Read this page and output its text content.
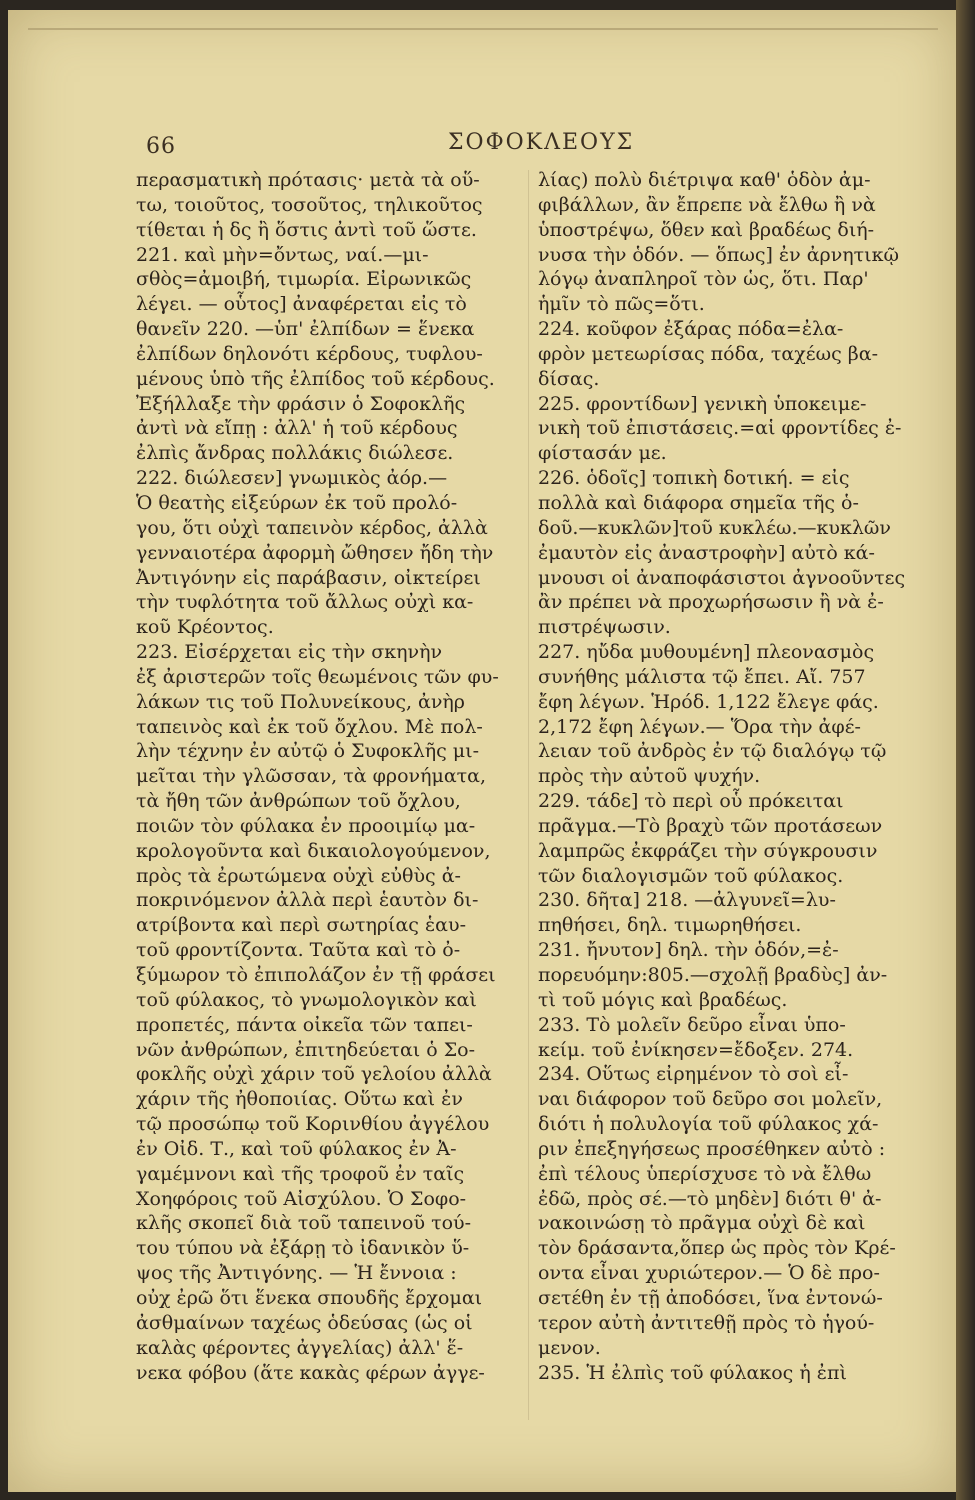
66	ΣΟΦΟΚΛΕΟΥΣ
περασματικὴ πρότασις· μετὰ τὰ οὕ-
τω, τοιοῦτος, τοσοῦτος, τηλικοῦτος
τίθεται ἡ δς ἢ ὅστις ἀντὶ τοῦ ὥστε.
221. καὶ μὴν=ὄντως, ναί.—μι-
σθὸς=ἀμοιβή, τιμωρία. Εἰρωνικῶς
λέγει. — οὗτος] ἀναφέρεται εἰς τὸ
θανεῖν 220. —ὑπ' ἐλπίδων = ἕνεκα
ἐλπίδων δηλονότι κέρδους, τυφλου-
μένους ὑπὸ τῆς ἐλπίδος τοῦ κέρδους.
Ἐξήλλαξε τὴν φράσιν ὁ Σοφοκλῆς
ἀντὶ νὰ εἴπῃ : ἀλλ' ἡ τοῦ κέρδους
ἐλπὶς ἄνδρας πολλάκις διώλεσε.
222. διώλεσεν] γνωμικὸς ἀόρ.—
Ὁ θεατὴς εἰξεύρων ἐκ τοῦ προλό-
γου, ὅτι οὐχὶ ταπεινὸν κέρδος, ἀλλὰ
γενναιοτέρα ἀφορμὴ ὤθησεν ἤδη τὴν
Ἀντιγόνην εἰς παράβασιν, οἰκτείρει
τὴν τυφλότητα τοῦ ἄλλως οὐχὶ κα-
κοῦ Κρέοντος.
223. Εἰσέρχεται εἰς τὴν σκηνὴν
ἐξ ἀριστερῶν τοῖς θεωμένοις τῶν φυ-
λάκων τις τοῦ Πολυνείκους, ἀνὴρ
ταπεινὸς καὶ ἐκ τοῦ ὄχλου. Μὲ πολ-
λὴν τέχνην ἐν αὐτῷ ὁ Συφοκλῆς μι-
μεῖται τὴν γλῶσσαν, τὰ φρονήματα,
τὰ ἤθη τῶν ἀνθρώπων τοῦ ὄχλου,
ποιῶν τὸν φύλακα ἐν προοιμίῳ μα-
κρολογοῦντα καὶ δικαιολογούμενον,
πρὸς τὰ ἐρωτώμενα οὐχὶ εὐθὺς ἀ-
ποκρινόμενον ἀλλὰ περὶ ἑαυτὸν δι-
ατρίβοντα καὶ περὶ σωτηρίας ἑαυ-
τοῦ φροντίζοντα. Ταῦτα καὶ τὸ ὀ-
ξύμωρον τὸ ἐπιπολάζον ἐν τῇ φράσει
τοῦ φύλακος, τὸ γνωμολογικὸν καὶ
προπετές, πάντα οἰκεῖα τῶν ταπει-
νῶν ἀνθρώπων, ἐπιτηδεύεται ὁ Σο-
φοκλῆς οὐχὶ χάριν τοῦ γελοίου ἀλλὰ
χάριν τῆς ἠθοποιίας. Οὕτω καὶ ἐν
τῷ προσώπῳ τοῦ Κορινθίου ἀγγέλου
ἐν Οἰδ. Τ., καὶ τοῦ φύλακος ἐν Ἀ-
γαμέμνονι καὶ τῆς τροφοῦ ἐν ταῖς
Χοηφόροις τοῦ Αἰσχύλου. Ὁ Σοφο-
κλῆς σκοπεῖ διὰ τοῦ ταπεινοῦ τού-
του τύπου νὰ ἐξάρῃ τὸ ἰδανικὸν ὕ-
ψος τῆς Ἀντιγόνης. — Ἡ ἔννοια :
οὐχ ἐρῶ ὅτι ἕνεκα σπουδῆς ἔρχομαι
ἀσθμαίνων ταχέως ὁδεύσας (ὡς οἱ
καλὰς φέροντες ἀγγελίας) ἀλλ' ἕ-
νεκα φόβου (ἅτε κακὰς φέρων ἀγγε-
λίας) πολὺ διέτριψα καθ' ὁδὸν ἀμ-
φιβάλλων, ἂν ἔπρεπε νὰ ἔλθω ἢ νὰ
ὑποστρέψω, ὅθεν καὶ βραδέως διή-
νυσα τὴν ὁδόν. — ὅπως] ἐν ἀρνητικῷ
λόγῳ ἀναπληροῖ τὸν ὡς, ὅτι. Παρ'
ἡμῖν τὸ πῶς=ὅτι.
224. κοῦφον ἐξάρας πόδα=ἐλα-
φρὸν μετεωρίσας πόδα, ταχέως βα-
δίσας.
225. φροντίδων] γενικὴ ὑποκειμε-
νικὴ τοῦ ἐπιστάσεις.=αἱ φροντίδες ἐ-
φίστασάν με.
226. ὁδοῖς] τοπικὴ δοτική. = εἰς
πολλὰ καὶ διάφορα σημεῖα τῆς ὁ-
δοῦ.—κυκλῶν]τοῦ κυκλέω.—κυκλῶν
ἐμαυτὸν εἰς ἀναστροφὴν] αὐτὸ κά-
μνουσι οἱ ἀναποφάσιστοι ἀγνοοῦντες
ἂν πρέπει νὰ προχωρήσωσιν ἢ νὰ ἐ-
πιστρέψωσιν.
227. ηὔδα μυθουμένη] πλεονασμὸς
συνήθης μάλιστα τῷ ἔπει. Αἴ. 757
ἔφη λέγων. Ἡρόδ. 1,122 ἔλεγε φάς.
2,172 ἔφη λέγων.— Ὅρα τὴν ἀφέ-
λειαν τοῦ ἀνδρὸς ἐν τῷ διαλόγῳ τῷ
πρὸς τὴν αὐτοῦ ψυχήν.
229. τάδε] τὸ περὶ οὗ πρόκειται
πρᾶγμα.—Τὸ βραχὺ τῶν προτάσεων
λαμπρῶς ἐκφράζει τὴν σύγκρουσιν
τῶν διαλογισμῶν τοῦ φύλακος.
230. δῆτα] 218. —ἀλγυνεῖ=λυ-
πηθήσει, δηλ. τιμωρηθήσει.
231. ἤνυτον] δηλ. τὴν ὁδόν,=ἐ-
πορευόμην:805.—σχολῇ βραδὺς] ἀν-
τὶ τοῦ μόγις καὶ βραδέως.
233. Τὸ μολεῖν δεῦρο εἶναι ὑπο-
κείμ. τοῦ ἐνίκησεν=ἔδοξεν. 274.
234. Οὕτως εἰρημένον τὸ σοὶ εἶ-
ναι διάφορον τοῦ δεῦρο σοι μολεῖν,
διότι ἡ πολυλογία τοῦ φύλακος χά-
ριν ἐπεξηγήσεως προσέθηκεν αὐτὸ :
ἐπὶ τέλους ὑπερίσχυσε τὸ νὰ ἔλθω
ἐδῶ, πρὸς σέ.—τὸ μηδὲν] διότι θ' ἀ-
νακοινώσῃ τὸ πρᾶγμα οὐχὶ δὲ καὶ
τὸν δράσαντα,ὅπερ ὡς πρὸς τὸν Κρέ-
οντα εἶναι χυριώτερον.— Ὁ δὲ προ-
σετέθη ἐν τῇ ἀποδόσει, ἵνα ἐντονώ-
τερον αὐτὴ ἀντιτεθῇ πρὸς τὸ ἡγού-
μενον.
235. Ἡ ἐλπὶς τοῦ φύλακος ἡ ἐπὶ
